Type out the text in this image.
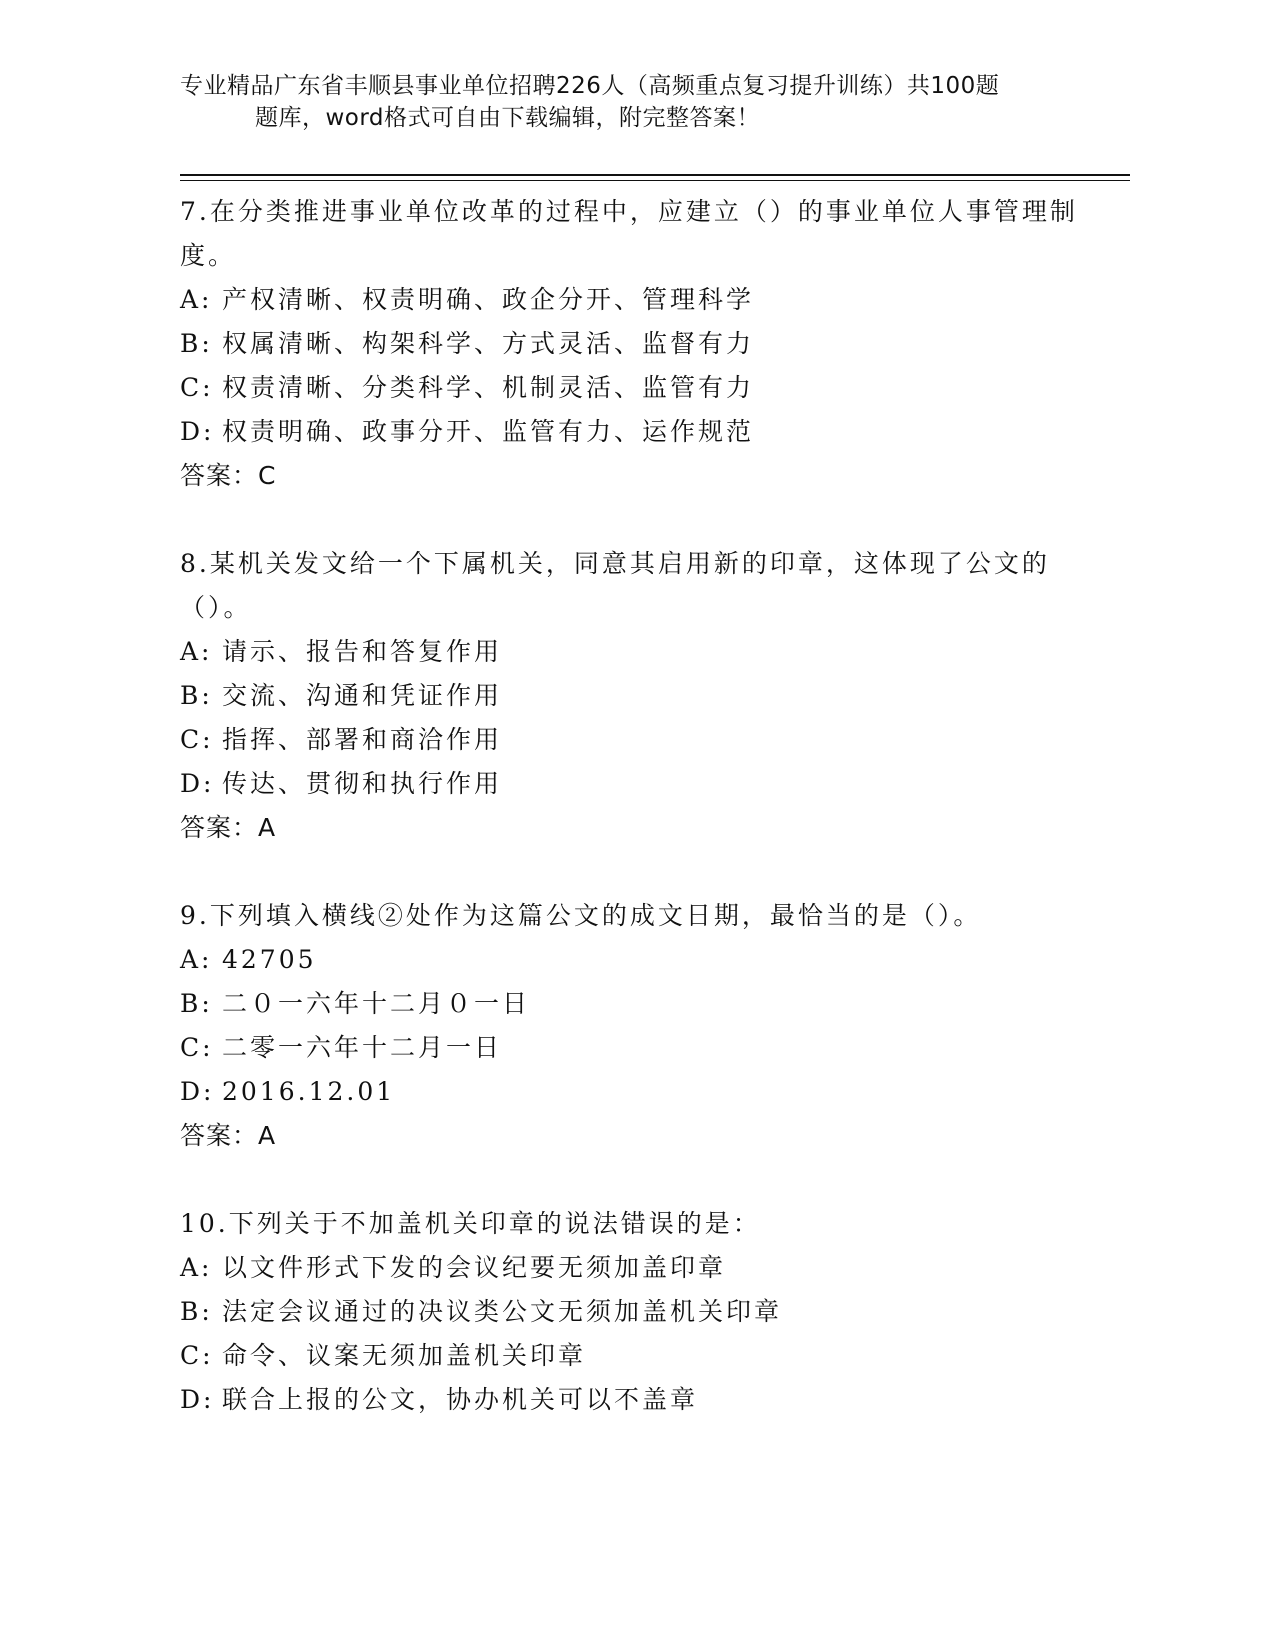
专业精品广东省丰顺县事业单位招聘226人（高频重点复习提升训练）共100题
题库，word格式可自由下载编辑，附完整答案！

7.在分类推进事业单位改革的过程中，应建立（）的事业单位人事管理制度。

A: 产权清晰、权责明确、政企分开、管理科学

B: 权属清晰、构架科学、方式灵活、监督有力

C: 权责清晰、分类科学、机制灵活、监管有力

D: 权责明确、政事分开、监管有力、运作规范

答案：C

8.某机关发文给一个下属机关，同意其启用新的印章，这体现了公文的（）。

A: 请示、报告和答复作用

B: 交流、沟通和凭证作用

C: 指挥、部署和商洽作用

D: 传达、贯彻和执行作用

答案：A

9.下列填入横线②处作为这篇公文的成文日期，最恰当的是（）。

A: 42705

B: 二０一六年十二月０一日

C: 二零一六年十二月一日

D: 2016.12.01

答案：A

10.下列关于不加盖机关印章的说法错误的是：

A: 以文件形式下发的会议纪要无须加盖印章

B: 法定会议通过的决议类公文无须加盖机关印章

C: 命令、议案无须加盖机关印章

D: 联合上报的公文，协办机关可以不盖章
